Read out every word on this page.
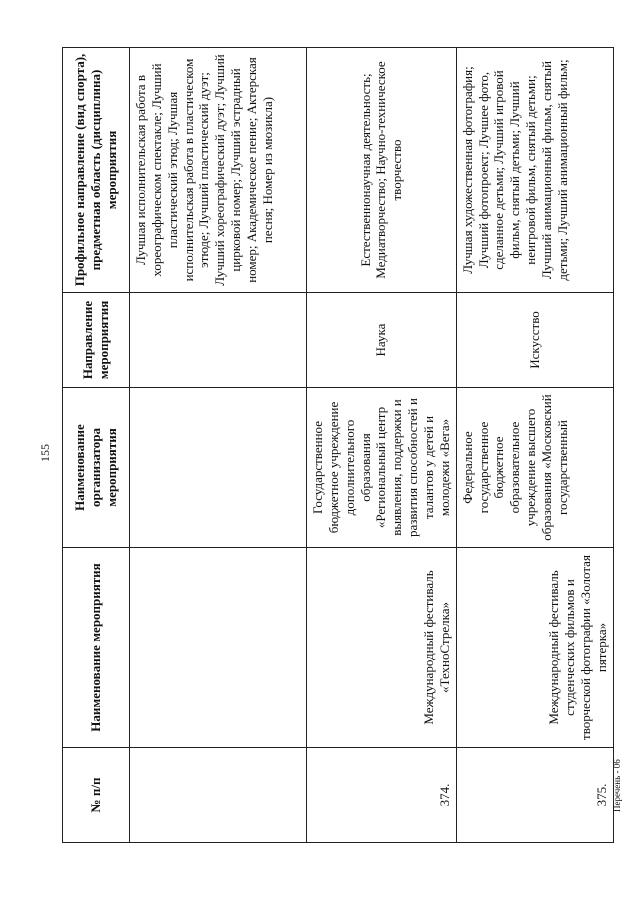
155
№ п/п	Наименование мероприятия	Наименование организатора мероприятия	Направление мероприятия	Профильное направление (вид спорта), предметная область (дисциплина) мероприятия
				Лучшая исполнительская работа в хореографическом спектакле; Лучший пластический этюд; Лучшая исполнительская работа в пластическом этюде; Лучший пластический дуэт; Лучший хореографический дуэт; Лучший цирковой номер; Лучший эстрадный номер; Академическое пение; Актерская песня; Номер из мюзикла)
374.	Международный фестиваль «ТехноСтрелка»	Государственное бюджетное учреждение дополнительного образования «Региональный центр выявления, поддержки и развития способностей и талантов у детей и молодежи «Вега»	Наука	Естественнонаучная деятельность; Медиатворчество; Научно-техническое творчество
375.	Международный фестиваль студенческих фильмов и творческой фотографии «Золотая пятерка»	Федеральное государственное бюджетное образовательное учреждение высшего образования «Московский государственный	Искусство	Лучшая художественная фотография; Лучший фотопроект; Лучшее фото, сделанное детьми; Лучший игровой фильм, снятый детьми; Лучший неигровой фильм, снятый детьми; Лучший анимационный фильм, снятый детьми; Лучший анимационный фильм;
Перечень - 06
